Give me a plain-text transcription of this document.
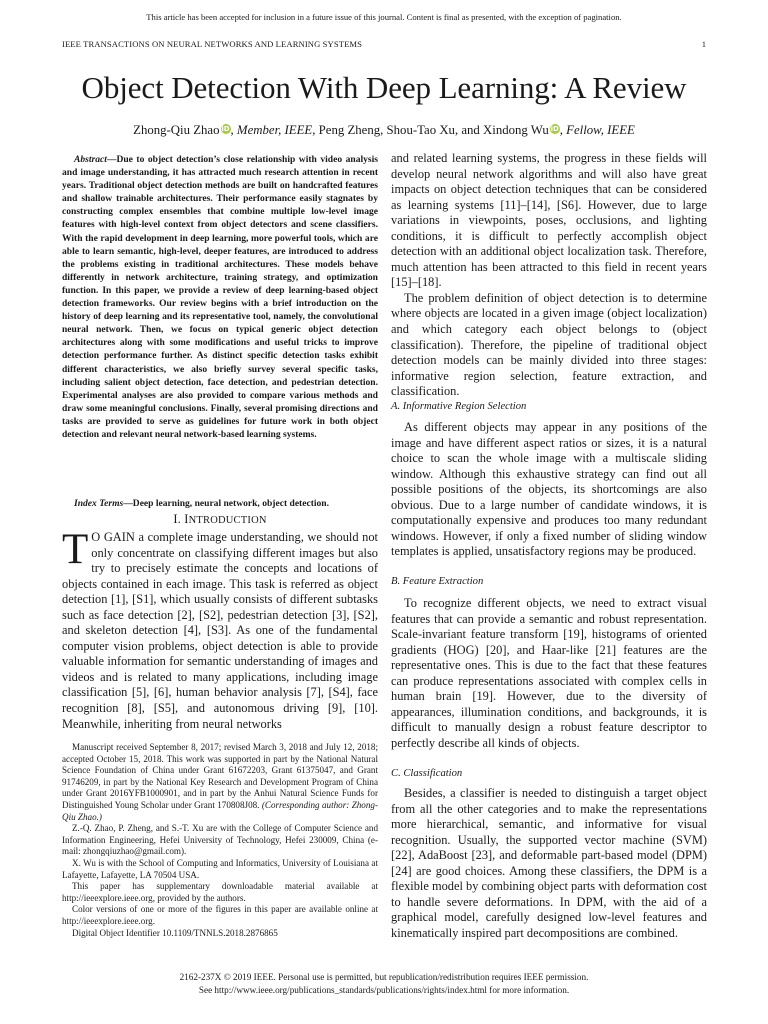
This article has been accepted for inclusion in a future issue of this journal. Content is final as presented, with the exception of pagination.
IEEE TRANSACTIONS ON NEURAL NETWORKS AND LEARNING SYSTEMS	1
Object Detection With Deep Learning: A Review
Zhong-Qiu Zhao iD, Member, IEEE, Peng Zheng, Shou-Tao Xu, and Xindong Wu iD, Fellow, IEEE

Abstract—Due to object detection’s close relationship with video analysis and image understanding, it has attracted much research attention in recent years. Traditional object detection methods are built on handcrafted features and shallow trainable architectures. Their performance easily stagnates by constructing complex ensembles that combine multiple low-level image features with high-level context from object detectors and scene classifiers. With the rapid development in deep learning, more powerful tools, which are able to learn semantic, high-level, deeper features, are introduced to address the problems existing in traditional architectures. These models behave differently in network architecture, training strategy, and optimization function. In this paper, we provide a review of deep learning-based object detection frameworks. Our review begins with a brief introduction on the history of deep learning and its representative tool, namely, the convolutional neural network. Then, we focus on typical generic object detection architectures along with some modifications and useful tricks to improve detection performance further. As distinct specific detection tasks exhibit different characteristics, we also briefly survey several specific tasks, including salient object detection, face detection, and pedestrian detection. Experimental analyses are also provided to compare various methods and draw some meaningful conclusions. Finally, several promising directions and tasks are provided to serve as guidelines for future work in both object detection and relevant neural network-based learning systems.

Index Terms—Deep learning, neural network, object detection.

I. INTRODUCTION

T O GAIN a complete image understanding, we should not only concentrate on classifying different images but also try to precisely estimate the concepts and locations of objects contained in each image. This task is referred as object detection [1], [S1], which usually consists of different subtasks such as face detection [2], [S2], pedestrian detection [3], [S2], and skeleton detection [4], [S3]. As one of the fundamental computer vision problems, object detection is able to provide valuable information for semantic understanding of images and videos and is related to many applications, including image classification [5], [6], human behavior analysis [7], [S4], face recognition [8], [S5], and autonomous driving [9], [10]. Meanwhile, inheriting from neural networks

Manuscript received September 8, 2017; revised March 3, 2018 and July 12, 2018; accepted October 15, 2018. This work was supported in part by the National Natural Science Foundation of China under Grant 61672203, Grant 61375047, and Grant 91746209, in part by the National Key Research and Development Program of China under Grant 2016YFB1000901, and in part by the Anhui Natural Science Funds for Distinguished Young Scholar under Grant 170808J08. (Corresponding author: Zhong-Qiu Zhao.)

Z.-Q. Zhao, P. Zheng, and S.-T. Xu are with the College of Computer Science and Information Engineering, Hefei University of Technology, Hefei 230009, China (e-mail: zhongqiuzhao@gmail.com).

X. Wu is with the School of Computing and Informatics, University of Louisiana at Lafayette, Lafayette, LA 70504 USA.

This paper has supplementary downloadable material available at http://ieeexplore.ieee.org, provided by the authors.

Color versions of one or more of the figures in this paper are available online at http://ieeexplore.ieee.org.

Digital Object Identifier 10.1109/TNNLS.2018.2876865

and related learning systems, the progress in these fields will develop neural network algorithms and will also have great impacts on object detection techniques that can be considered as learning systems [11]–[14], [S6]. However, due to large variations in viewpoints, poses, occlusions, and lighting conditions, it is difficult to perfectly accomplish object detection with an additional object localization task. Therefore, much attention has been attracted to this field in recent years [15]–[18].

The problem definition of object detection is to determine where objects are located in a given image (object localization) and which category each object belongs to (object classification). Therefore, the pipeline of traditional object detection models can be mainly divided into three stages: informative region selection, feature extraction, and classification.

A. Informative Region Selection

As different objects may appear in any positions of the image and have different aspect ratios or sizes, it is a natural choice to scan the whole image with a multiscale sliding window. Although this exhaustive strategy can find out all possible positions of the objects, its shortcomings are also obvious. Due to a large number of candidate windows, it is computationally expensive and produces too many redundant windows. However, if only a fixed number of sliding window templates is applied, unsatisfactory regions may be produced.

B. Feature Extraction

To recognize different objects, we need to extract visual features that can provide a semantic and robust representation. Scale-invariant feature transform [19], histograms of oriented gradients (HOG) [20], and Haar-like [21] features are the representative ones. This is due to the fact that these features can produce representations associated with complex cells in human brain [19]. However, due to the diversity of appearances, illumination conditions, and backgrounds, it is difficult to manually design a robust feature descriptor to perfectly describe all kinds of objects.

C. Classification

Besides, a classifier is needed to distinguish a target object from all the other categories and to make the representations more hierarchical, semantic, and informative for visual recognition. Usually, the supported vector machine (SVM) [22], AdaBoost [23], and deformable part-based model (DPM) [24] are good choices. Among these classifiers, the DPM is a flexible model by combining object parts with deformation cost to handle severe deformations. In DPM, with the aid of a graphical model, carefully designed low-level features and kinematically inspired part decompositions are combined.

2162-237X © 2019 IEEE. Personal use is permitted, but republication/redistribution requires IEEE permission.
See http://www.ieee.org/publications_standards/publications/rights/index.html for more information.
